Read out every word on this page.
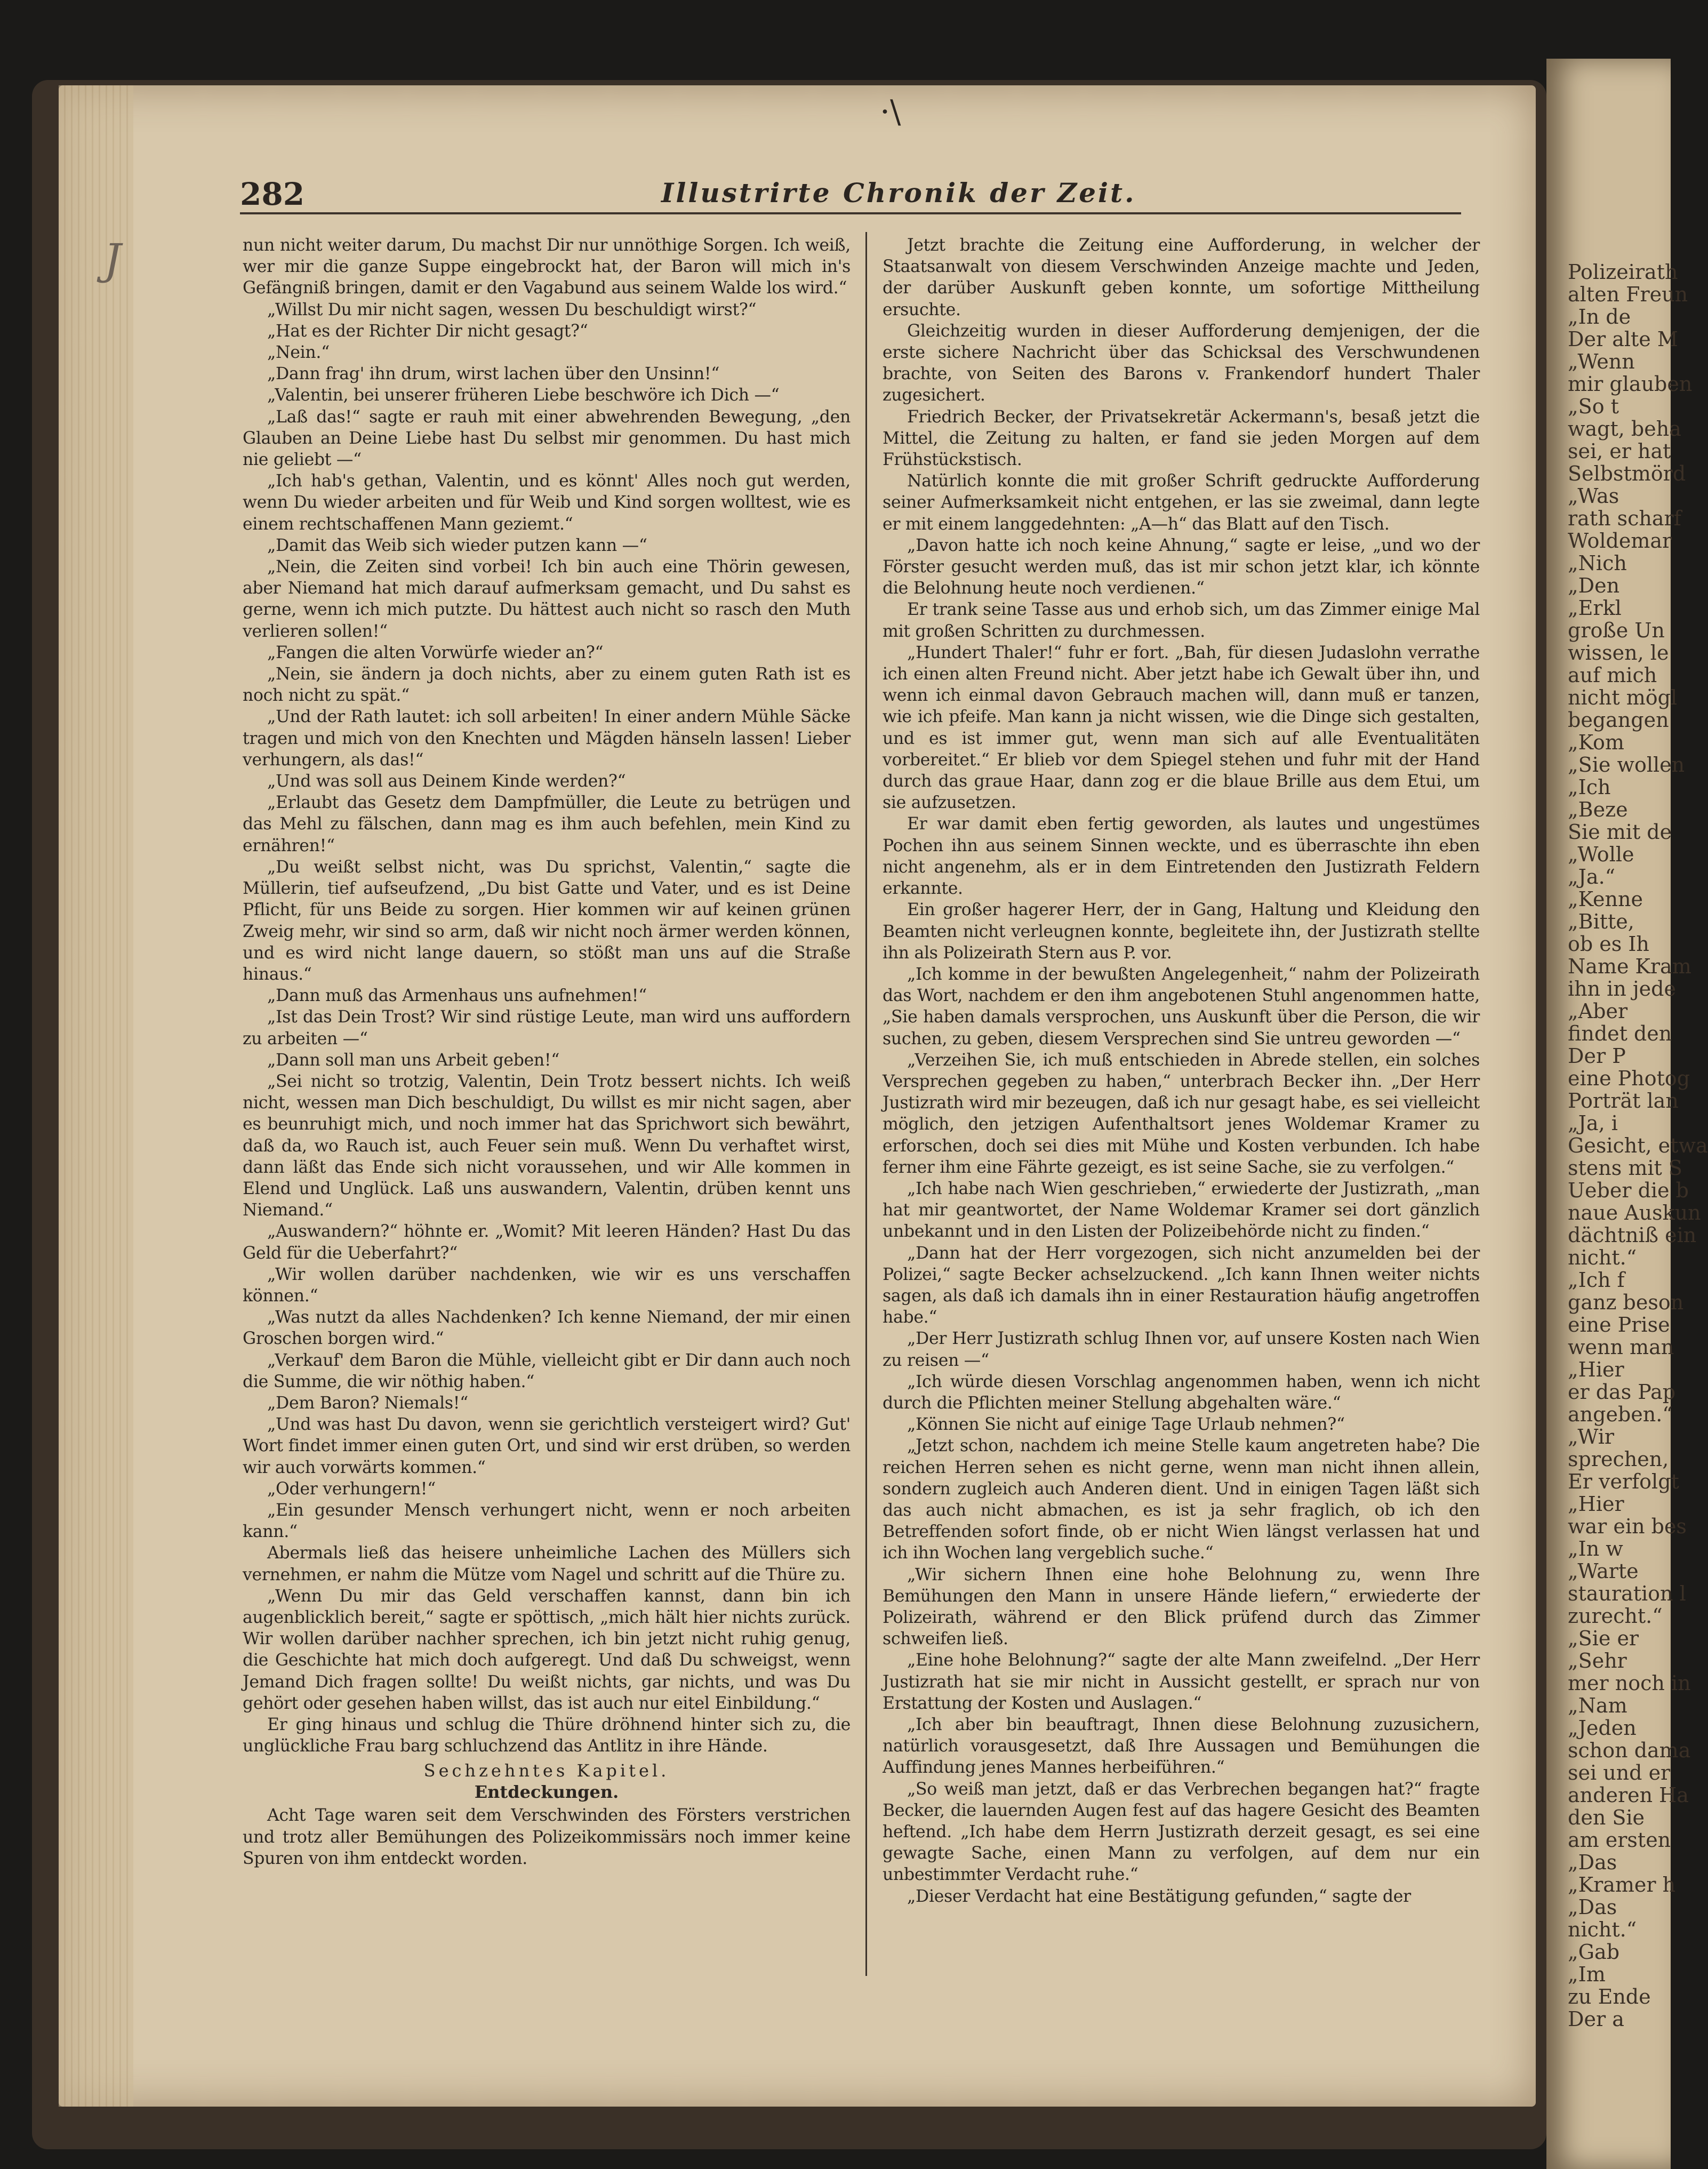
Polizeirath
alten Freun
„In de
Der alte M
„Wenn
mir glauben
„So t
wagt, beha
sei, er hat
Selbstmörd
„Was
rath scharf
Woldemar
„Nich
„Den
„Erkl
große Un
wissen, le
auf mich
nicht mögl
begangen
„Kom
„Sie wollen
„Ich
„Beze
Sie mit de
„Wolle
„Ja.“
„Kenne
„Bitte,
ob es Ih
Name Kram
ihn in jede
„Aber
findet den
Der P
eine Photog
Porträt lan
„Ja, i
Gesicht, etwa
stens mit S
Ueber die b
naue Auskun
dächtniß ein
nicht.“
„Ich f
ganz beson
eine Prise
wenn man
„Hier
er das Pap
angeben.“
„Wir
sprechen,
Er verfolgt
„Hier
war ein bes
„In w
„Warte
stauration l
zurecht.“
„Sie er
„Sehr
mer noch in
„Nam
„Jeden
schon dama
sei und er
anderen Ha
den Sie
am ersten
„Das
„Kramer h
„Das
nicht.“
„Gab
„Im
zu Ende
Der a
·\
J
282	Illustrirte Chronik der Zeit.

nun nicht weiter darum, Du machst Dir nur unnöthige Sorgen. Ich weiß, wer mir die ganze Suppe eingebrockt hat, der Baron will mich in's Gefängniß bringen, damit er den Vagabund aus seinem Walde los wird.“

„Willst Du mir nicht sagen, wessen Du beschuldigt wirst?“

„Hat es der Richter Dir nicht gesagt?“

„Nein.“

„Dann frag' ihn drum, wirst lachen über den Unsinn!“

„Valentin, bei unserer früheren Liebe beschwöre ich Dich —“

„Laß das!“ sagte er rauh mit einer abwehrenden Bewegung, „den Glauben an Deine Liebe hast Du selbst mir genommen. Du hast mich nie geliebt —“

„Ich hab's gethan, Valentin, und es könnt' Alles noch gut werden, wenn Du wieder arbeiten und für Weib und Kind sorgen wolltest, wie es einem rechtschaffenen Mann geziemt.“

„Damit das Weib sich wieder putzen kann —“

„Nein, die Zeiten sind vorbei! Ich bin auch eine Thörin gewesen, aber Niemand hat mich darauf aufmerksam gemacht, und Du sahst es gerne, wenn ich mich putzte. Du hättest auch nicht so rasch den Muth verlieren sollen!“

„Fangen die alten Vorwürfe wieder an?“

„Nein, sie ändern ja doch nichts, aber zu einem guten Rath ist es noch nicht zu spät.“

„Und der Rath lautet: ich soll arbeiten! In einer andern Mühle Säcke tragen und mich von den Knechten und Mägden hänseln lassen! Lieber verhungern, als das!“

„Und was soll aus Deinem Kinde werden?“

„Erlaubt das Gesetz dem Dampfmüller, die Leute zu betrügen und das Mehl zu fälschen, dann mag es ihm auch befehlen, mein Kind zu ernähren!“

„Du weißt selbst nicht, was Du sprichst, Valentin,“ sagte die Müllerin, tief aufseufzend, „Du bist Gatte und Vater, und es ist Deine Pflicht, für uns Beide zu sorgen. Hier kommen wir auf keinen grünen Zweig mehr, wir sind so arm, daß wir nicht noch ärmer werden können, und es wird nicht lange dauern, so stößt man uns auf die Straße hinaus.“

„Dann muß das Armenhaus uns aufnehmen!“

„Ist das Dein Trost? Wir sind rüstige Leute, man wird uns auffordern zu arbeiten —“

„Dann soll man uns Arbeit geben!“

„Sei nicht so trotzig, Valentin, Dein Trotz bessert nichts. Ich weiß nicht, wessen man Dich beschuldigt, Du willst es mir nicht sagen, aber es beunruhigt mich, und noch immer hat das Sprichwort sich bewährt, daß da, wo Rauch ist, auch Feuer sein muß. Wenn Du verhaftet wirst, dann läßt das Ende sich nicht voraussehen, und wir Alle kommen in Elend und Unglück. Laß uns auswandern, Valentin, drüben kennt uns Niemand.“

„Auswandern?“ höhnte er. „Womit? Mit leeren Händen? Hast Du das Geld für die Ueberfahrt?“

„Wir wollen darüber nachdenken, wie wir es uns verschaffen können.“

„Was nutzt da alles Nachdenken? Ich kenne Niemand, der mir einen Groschen borgen wird.“

„Verkauf' dem Baron die Mühle, vielleicht gibt er Dir dann auch noch die Summe, die wir nöthig haben.“

„Dem Baron? Niemals!“

„Und was hast Du davon, wenn sie gerichtlich versteigert wird? Gut' Wort findet immer einen guten Ort, und sind wir erst drüben, so werden wir auch vorwärts kommen.“

„Oder verhungern!“

„Ein gesunder Mensch verhungert nicht, wenn er noch arbeiten kann.“

Abermals ließ das heisere unheimliche Lachen des Müllers sich vernehmen, er nahm die Mütze vom Nagel und schritt auf die Thüre zu.

„Wenn Du mir das Geld verschaffen kannst, dann bin ich augenblicklich bereit,“ sagte er spöttisch, „mich hält hier nichts zurück. Wir wollen darüber nachher sprechen, ich bin jetzt nicht ruhig genug, die Geschichte hat mich doch aufgeregt. Und daß Du schweigst, wenn Jemand Dich fragen sollte! Du weißt nichts, gar nichts, und was Du gehört oder gesehen haben willst, das ist auch nur eitel Einbildung.“

Er ging hinaus und schlug die Thüre dröhnend hinter sich zu, die unglückliche Frau barg schluchzend das Antlitz in ihre Hände.

Sechzehntes Kapitel.
Entdeckungen.

Acht Tage waren seit dem Verschwinden des Försters verstrichen und trotz aller Bemühungen des Polizeikommissärs noch immer keine Spuren von ihm entdeckt worden.

Jetzt brachte die Zeitung eine Aufforderung, in welcher der Staatsanwalt von diesem Verschwinden Anzeige machte und Jeden, der darüber Auskunft geben konnte, um sofortige Mittheilung ersuchte.

Gleichzeitig wurden in dieser Aufforderung demjenigen, der die erste sichere Nachricht über das Schicksal des Verschwundenen brachte, von Seiten des Barons v. Frankendorf hundert Thaler zugesichert.

Friedrich Becker, der Privatsekretär Ackermann's, besaß jetzt die Mittel, die Zeitung zu halten, er fand sie jeden Morgen auf dem Frühstückstisch.

Natürlich konnte die mit großer Schrift gedruckte Aufforderung seiner Aufmerksamkeit nicht entgehen, er las sie zweimal, dann legte er mit einem langgedehnten: „A—h“ das Blatt auf den Tisch.

„Davon hatte ich noch keine Ahnung,“ sagte er leise, „und wo der Förster gesucht werden muß, das ist mir schon jetzt klar, ich könnte die Belohnung heute noch verdienen.“

Er trank seine Tasse aus und erhob sich, um das Zimmer einige Mal mit großen Schritten zu durchmessen.

„Hundert Thaler!“ fuhr er fort. „Bah, für diesen Judaslohn verrathe ich einen alten Freund nicht. Aber jetzt habe ich Gewalt über ihn, und wenn ich einmal davon Gebrauch machen will, dann muß er tanzen, wie ich pfeife. Man kann ja nicht wissen, wie die Dinge sich gestalten, und es ist immer gut, wenn man sich auf alle Eventualitäten vorbereitet.“ Er blieb vor dem Spiegel stehen und fuhr mit der Hand durch das graue Haar, dann zog er die blaue Brille aus dem Etui, um sie aufzusetzen.

Er war damit eben fertig geworden, als lautes und ungestümes Pochen ihn aus seinem Sinnen weckte, und es überraschte ihn eben nicht angenehm, als er in dem Eintretenden den Justizrath Feldern erkannte.

Ein großer hagerer Herr, der in Gang, Haltung und Kleidung den Beamten nicht verleugnen konnte, begleitete ihn, der Justizrath stellte ihn als Polizeirath Stern aus P. vor.

„Ich komme in der bewußten Angelegenheit,“ nahm der Polizeirath das Wort, nachdem er den ihm angebotenen Stuhl angenommen hatte, „Sie haben damals versprochen, uns Auskunft über die Person, die wir suchen, zu geben, diesem Versprechen sind Sie untreu geworden —“

„Verzeihen Sie, ich muß entschieden in Abrede stellen, ein solches Versprechen gegeben zu haben,“ unterbrach Becker ihn. „Der Herr Justizrath wird mir bezeugen, daß ich nur gesagt habe, es sei vielleicht möglich, den jetzigen Aufenthaltsort jenes Woldemar Kramer zu erforschen, doch sei dies mit Mühe und Kosten verbunden. Ich habe ferner ihm eine Fährte gezeigt, es ist seine Sache, sie zu verfolgen.“

„Ich habe nach Wien geschrieben,“ erwiederte der Justizrath, „man hat mir geantwortet, der Name Woldemar Kramer sei dort gänzlich unbekannt und in den Listen der Polizeibehörde nicht zu finden.“

„Dann hat der Herr vorgezogen, sich nicht anzumelden bei der Polizei,“ sagte Becker achselzuckend. „Ich kann Ihnen weiter nichts sagen, als daß ich damals ihn in einer Restauration häufig angetroffen habe.“

„Der Herr Justizrath schlug Ihnen vor, auf unsere Kosten nach Wien zu reisen —“

„Ich würde diesen Vorschlag angenommen haben, wenn ich nicht durch die Pflichten meiner Stellung abgehalten wäre.“

„Können Sie nicht auf einige Tage Urlaub nehmen?“

„Jetzt schon, nachdem ich meine Stelle kaum angetreten habe? Die reichen Herren sehen es nicht gerne, wenn man nicht ihnen allein, sondern zugleich auch Anderen dient. Und in einigen Tagen läßt sich das auch nicht abmachen, es ist ja sehr fraglich, ob ich den Betreffenden sofort finde, ob er nicht Wien längst verlassen hat und ich ihn Wochen lang vergeblich suche.“

„Wir sichern Ihnen eine hohe Belohnung zu, wenn Ihre Bemühungen den Mann in unsere Hände liefern,“ erwiederte der Polizeirath, während er den Blick prüfend durch das Zimmer schweifen ließ.

„Eine hohe Belohnung?“ sagte der alte Mann zweifelnd. „Der Herr Justizrath hat sie mir nicht in Aussicht gestellt, er sprach nur von Erstattung der Kosten und Auslagen.“

„Ich aber bin beauftragt, Ihnen diese Belohnung zuzusichern, natürlich vorausgesetzt, daß Ihre Aussagen und Bemühungen die Auffindung jenes Mannes herbeiführen.“

„So weiß man jetzt, daß er das Verbrechen begangen hat?“ fragte Becker, die lauernden Augen fest auf das hagere Gesicht des Beamten heftend. „Ich habe dem Herrn Justizrath derzeit gesagt, es sei eine gewagte Sache, einen Mann zu verfolgen, auf dem nur ein unbestimmter Verdacht ruhe.“

„Dieser Verdacht hat eine Bestätigung gefunden,“ sagte der
